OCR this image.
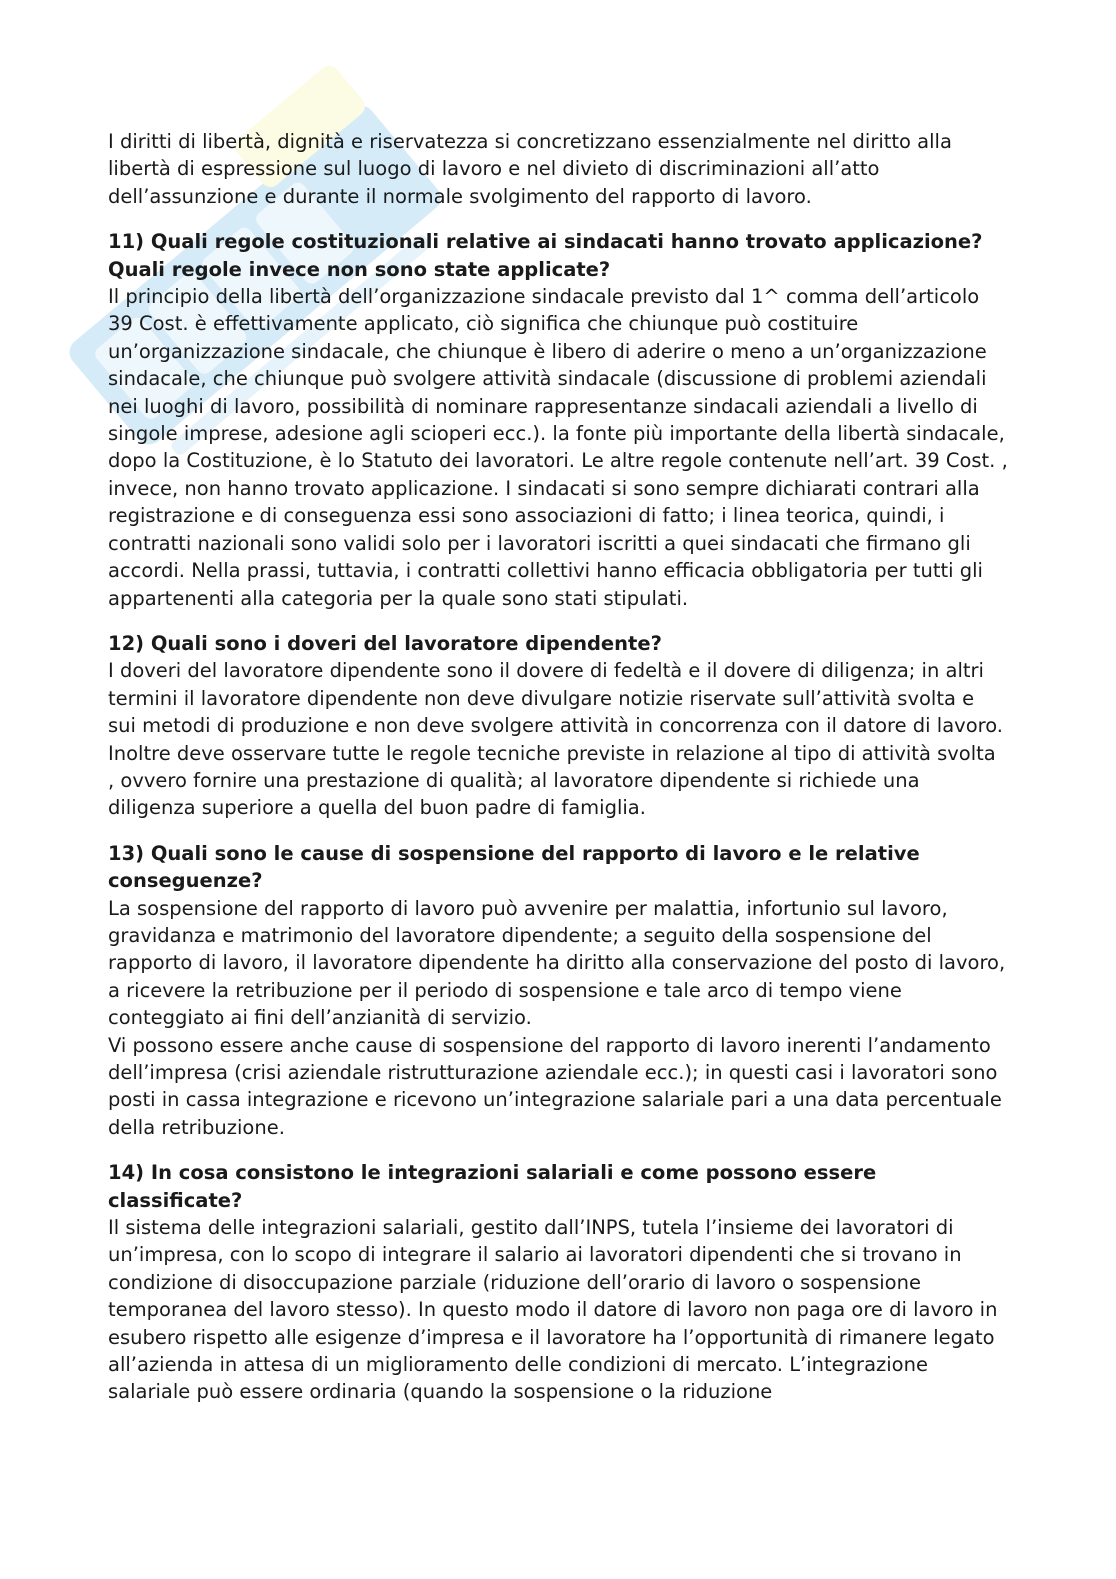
I diritti di libertà, dignità e riservatezza si concretizzano essenzialmente nel diritto alla libertà di espressione sul luogo di lavoro e nel divieto di discriminazioni all’atto dell’assunzione e durante il normale svolgimento del rapporto di lavoro.

11) Quali regole costituzionali relative ai sindacati hanno trovato applicazione? Quali regole invece non sono state applicate?

Il principio della libertà dell’organizzazione sindacale previsto dal 1^ comma dell’articolo 39 Cost. è effettivamente applicato, ciò significa che chiunque può costituire un’organizzazione sindacale, che chiunque è libero di aderire o meno a un’organizzazione sindacale, che chiunque può svolgere attività sindacale (discussione di problemi aziendali nei luoghi di lavoro, possibilità di nominare rappresentanze sindacali aziendali a livello di singole imprese, adesione agli scioperi ecc.). la fonte più importante della libertà sindacale, dopo la Costituzione, è lo Statuto dei lavoratori. Le altre regole contenute nell’art. 39 Cost. , invece, non hanno trovato applicazione. I sindacati si sono sempre dichiarati contrari alla registrazione e di conseguenza essi sono associazioni di fatto; i linea teorica, quindi, i contratti nazionali sono validi solo per i lavoratori iscritti a quei sindacati che firmano gli accordi. Nella prassi, tuttavia, i contratti collettivi hanno efficacia obbligatoria per tutti gli appartenenti alla categoria per la quale sono stati stipulati.

12) Quali sono i doveri del lavoratore dipendente?

I doveri del lavoratore dipendente sono il dovere di fedeltà e il dovere di diligenza; in altri termini il lavoratore dipendente non deve divulgare notizie riservate sull’attività svolta e sui metodi di produzione e non deve svolgere attività in concorrenza con il datore di lavoro. Inoltre deve osservare tutte le regole tecniche previste in relazione al tipo di attività svolta , ovvero fornire una prestazione di qualità; al lavoratore dipendente si richiede una diligenza superiore a quella del buon padre di famiglia.

13) Quali sono le cause di sospensione del rapporto di lavoro e le relative conseguenze?

La sospensione del rapporto di lavoro può avvenire per malattia, infortunio sul lavoro, gravidanza e matrimonio del lavoratore dipendente; a seguito della sospensione del rapporto di lavoro, il lavoratore dipendente ha diritto alla conservazione del posto di lavoro, a ricevere la retribuzione per il periodo di sospensione e tale arco di tempo viene conteggiato ai fini dell’anzianità di servizio.

Vi possono essere anche cause di sospensione del rapporto di lavoro inerenti l’andamento dell’impresa (crisi aziendale ristrutturazione aziendale ecc.); in questi casi i lavoratori sono posti in cassa integrazione e ricevono un’integrazione salariale pari a una data percentuale della retribuzione.

14) In cosa consistono le integrazioni salariali e come possono essere classificate?

Il sistema delle integrazioni salariali, gestito dall’INPS, tutela l’insieme dei lavoratori di un’impresa, con lo scopo di integrare il salario ai lavoratori dipendenti che si trovano in condizione di disoccupazione parziale (riduzione dell’orario di lavoro o sospensione temporanea del lavoro stesso). In questo modo il datore di lavoro non paga ore di lavoro in esubero rispetto alle esigenze d’impresa e il lavoratore ha l’opportunità di rimanere legato all’azienda in attesa di un miglioramento delle condizioni di mercato. L’integrazione salariale può essere ordinaria (quando la sospensione o la riduzione
